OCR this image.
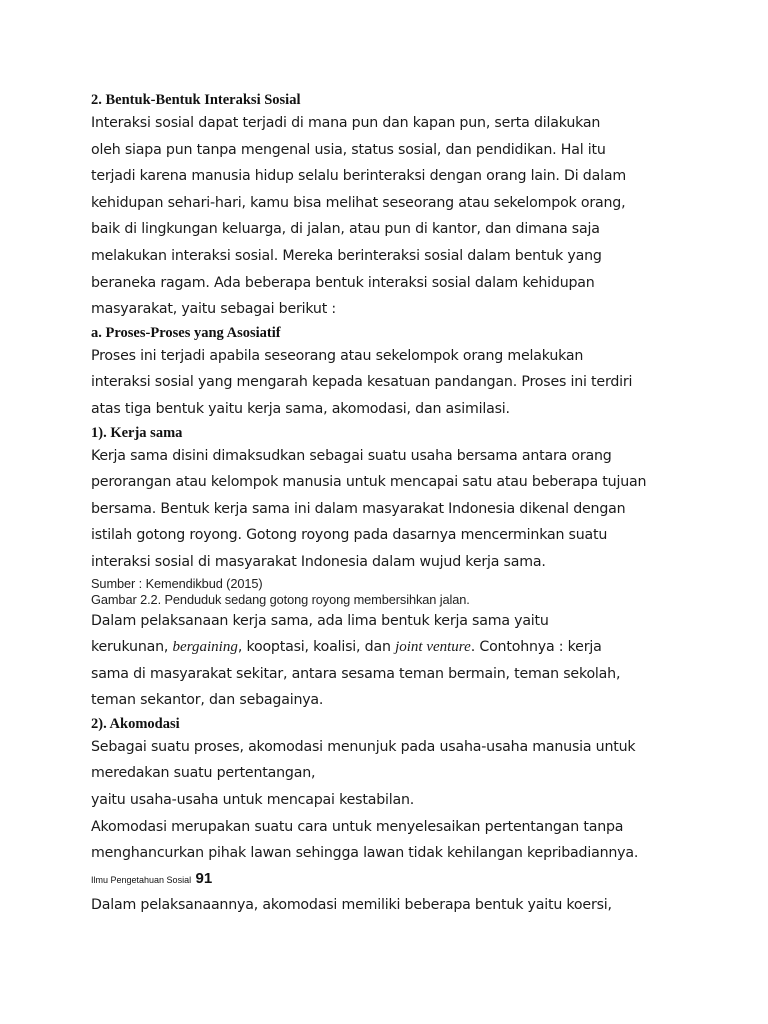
2. Bentuk-Bentuk Interaksi Sosial

Interaksi sosial dapat terjadi di mana pun dan kapan pun, serta dilakukan

oleh siapa pun tanpa mengenal usia, status sosial, dan pendidikan. Hal itu

terjadi karena manusia hidup selalu berinteraksi dengan orang lain. Di dalam

kehidupan sehari-hari, kamu bisa melihat seseorang atau sekelompok orang,

baik di lingkungan keluarga, di jalan, atau pun di kantor, dan dimana saja

melakukan interaksi sosial. Mereka berinteraksi sosial dalam bentuk yang

beraneka ragam. Ada beberapa bentuk interaksi sosial dalam kehidupan

masyarakat, yaitu sebagai berikut :

a. Proses-Proses yang Asosiatif

Proses ini terjadi apabila seseorang atau sekelompok orang melakukan

interaksi sosial yang mengarah kepada kesatuan pandangan. Proses ini terdiri

atas tiga bentuk yaitu kerja sama, akomodasi, dan asimilasi.

1). Kerja sama

Kerja sama disini dimaksudkan sebagai suatu usaha bersama antara orang

perorangan atau kelompok manusia untuk mencapai satu atau beberapa tujuan

bersama. Bentuk kerja sama ini dalam masyarakat Indonesia dikenal dengan

istilah gotong royong. Gotong royong pada dasarnya mencerminkan suatu

interaksi sosial di masyarakat Indonesia dalam wujud kerja sama.

Sumber : Kemendikbud (2015)

Gambar 2.2. Penduduk sedang gotong royong membersihkan jalan.

Dalam pelaksanaan kerja sama, ada lima bentuk kerja sama yaitu

kerukunan, bergaining, kooptasi, koalisi, dan joint venture. Contohnya : kerja

sama di masyarakat sekitar, antara sesama teman bermain, teman sekolah,

teman sekantor, dan sebagainya.

2). Akomodasi

Sebagai suatu proses, akomodasi menunjuk pada usaha-usaha manusia untuk

meredakan suatu pertentangan,

yaitu usaha-usaha untuk mencapai kestabilan.

Akomodasi merupakan suatu cara untuk menyelesaikan pertentangan tanpa

menghancurkan pihak lawan sehingga lawan tidak kehilangan kepribadiannya.

Ilmu Pengetahuan Sosial 91

Dalam pelaksanaannya, akomodasi memiliki beberapa bentuk yaitu koersi,
